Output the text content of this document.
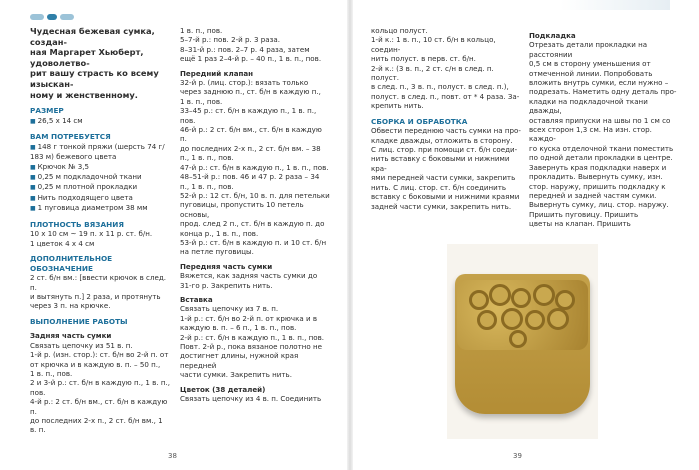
Чудесная бежевая сумка, создан-

ная Маргарет Хьюберт, удоволетво-

рит вашу страсть ко всему изыскан-

ному и женственному.

РАЗМЕР

■ 26,5 х 14 см

ВАМ ПОТРЕБУЕТСЯ

■ 148 г тонкой пряжи (шерсть 74 г/

183 м) бежевого цвета

■ Крючок № 3,5

■ 0,25 м подкладочной ткани

■ 0,25 м плотной прокладки

■ Нить подходящего цвета

■ 1 пуговица диаметром 38 мм

ПЛОТНОСТЬ ВЯЗАНИЯ

10 х 10 см ~ 19 п. х 11 р. ст. б/н.

1 цветок 4 х 4 см

ДОПОЛНИТЕЛЬНОЕ ОБОЗНАЧЕНИЕ

2 ст. б/н вм.: [ввести крючок в след. п.

и вытянуть п.] 2 раза, и протянуть

через 3 п. на крючке.

ВЫПОЛНЕНИЕ РАБОТЫ

Задняя часть сумки

Связать цепочку из 51 в. п.

1-й р. (изн. стор.): ст. б/н во 2-й п. от

от крючка и в каждую в. п. – 50 п.,

1 в. п., пов.

2 и 3-й р.: ст. б/н в каждую п., 1 в. п.,

пов.

4-й р.: 2 ст. б/н вм., ст. б/н в каждую п.

до последних 2-х п., 2 ст. б/н вм., 1 в. п.

1 в. п., пов.

5–7-й р.: пов. 2-й р. 3 раза.

8–31-й р.: пов. 2–7 р. 4 раза, затем

ещё 1 раз 2–4-й р. – 40 п., 1 в. п., пов.

Передний клапан

32-й р. (лиц. стор.): вязать только

через заднюю п., ст. б/н в каждую п.,

1 в. п., пов.

33–45 р.: ст. б/н в каждую п., 1 в. п., пов.

46-й р.: 2 ст. б/н вм., ст. б/н в каждую п.

до последних 2-х п., 2 ст. б/н вм. – 38

п., 1 в. п., пов.

47-й р.: ст. б/н в каждую п., 1 в. п., пов.

48–51-й р.: пов. 46 и 47 р. 2 раза – 34

п., 1 в. п., пов.

52-й р.: 12 ст. б/н, 10 в. п. для петельки

пуговицы, пропустить 10 петель основы,

прод. след 2 п., ст. б/н в каждую п. до

конца р., 1 в. п., пов.

53-й р.: ст. б/н в каждую п. и 10 ст. б/н

на петле пуговицы.

Передняя часть сумки

Вяжется, как задняя часть сумки до

31-го р. Закрепить нить.

Вставка

Связать цепочку из 7 в. п.

1-й р.: ст. б/н во 2-й п. от крючка и в

каждую в. п. – 6 п., 1 в. п., пов.

2-й р.: ст. б/н в каждую п., 1 в. п., пов.

Повт. 2-й р., пока вязаное полотно не

достигнет длины, нужной края передней

части сумки. Закрепить нить.

Цветок (38 деталей)

Связать цепочку из 4 в. п. Соединить

38

кольцо полуст.

1-й к.: 1 в. п., 10 ст. б/н в кольцо, соедин-

нить полуст. в перв. ст. б/н.

2-й к.: (3 в. п., 2 ст. с/н в след. п. полуст.

в след. п., 3 в. п., полуст. в след. п.),

полуст. в след. п., повт. от * 4 раза. За-

крепить нить.

СБОРКА И ОБРАБОТКА

Обвести переднюю часть сумки на про-

кладке дважды, отложить в сторону.

С лиц. стор. при помощи ст. б/н соеди-

нить вставку с боковыми и нижними кра-

ями передней части сумки, закрепить

нить. С лиц. стор. ст. б/н соединить

вставку с боковыми и нижними краями

задней части сумки, закрепить нить.

Подкладка

Отрезать детали прокладки на расстоянии

0,5 см в сторону уменьшения от

отмеченной линии. Попробовать

вложить внутрь сумки, если нужно –

подрезать. Наметить одну деталь про-

кладки на подкладочной ткани дважды,

оставляя припуски на швы по 1 см со

всех сторон 1,3 см. На изн. стор. каждо-

го куска отделочной ткани поместить

по одной детали прокладки в центре.

Завернуть края подкладки наверх и

прокладить. Вывернуть сумку, изн.

стор. наружу, пришить подкладку к

передней и задней частям сумки.

Вывернуть сумку, лиц. стор. наружу.

Пришить пуговицу. Пришить

цветы на клапан. Пришить

39
